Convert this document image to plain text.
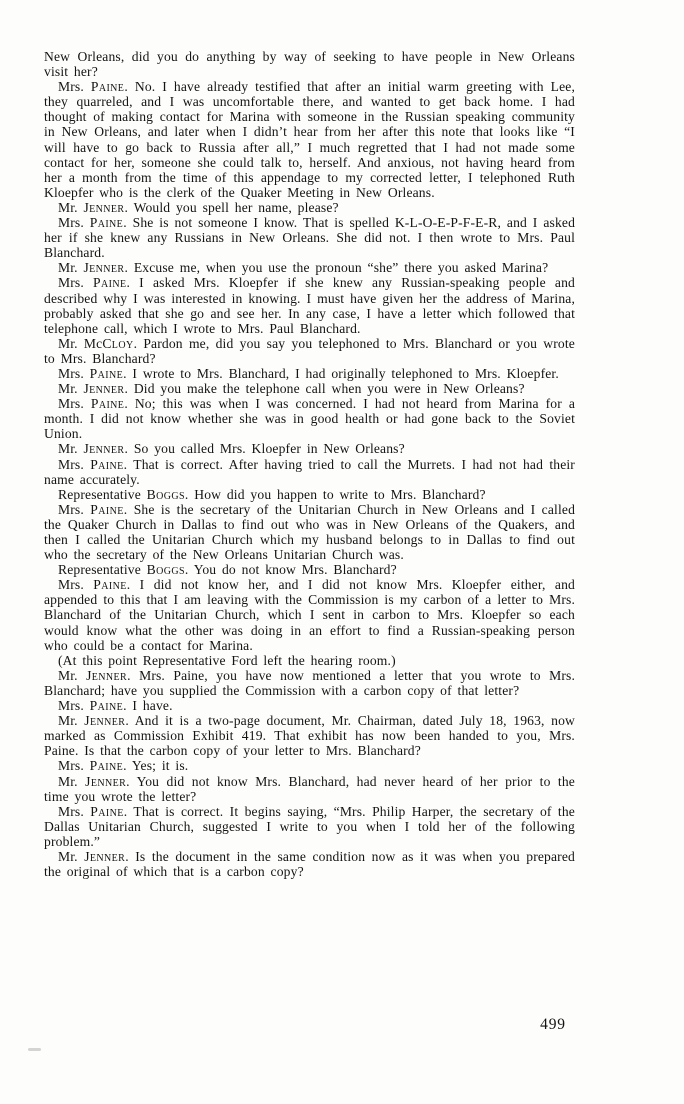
New Orleans, did you do anything by way of seeking to have people in New Orleans visit her?

Mrs. Paine. No. I have already testified that after an initial warm greeting with Lee, they quarreled, and I was uncomfortable there, and wanted to get back home. I had thought of making contact for Marina with someone in the Russian speaking community in New Orleans, and later when I didn’t hear from her after this note that looks like “I will have to go back to Russia after all,” I much regretted that I had not made some contact for her, someone she could talk to, herself. And anxious, not having heard from her a month from the time of this appendage to my corrected letter, I telephoned Ruth Kloepfer who is the clerk of the Quaker Meeting in New Orleans.

Mr. Jenner. Would you spell her name, please?

Mrs. Paine. She is not someone I know. That is spelled K-L-O-E-P-F-E-R, and I asked her if she knew any Russians in New Orleans. She did not. I then wrote to Mrs. Paul Blanchard.

Mr. Jenner. Excuse me, when you use the pronoun “she” there you asked Marina?

Mrs. Paine. I asked Mrs. Kloepfer if she knew any Russian-speaking people and described why I was interested in knowing. I must have given her the address of Marina, probably asked that she go and see her. In any case, I have a letter which followed that telephone call, which I wrote to Mrs. Paul Blanchard.

Mr. McCloy. Pardon me, did you say you telephoned to Mrs. Blanchard or you wrote to Mrs. Blanchard?

Mrs. Paine. I wrote to Mrs. Blanchard, I had originally telephoned to Mrs. Kloepfer.

Mr. Jenner. Did you make the telephone call when you were in New Orleans?

Mrs. Paine. No; this was when I was concerned. I had not heard from Marina for a month. I did not know whether she was in good health or had gone back to the Soviet Union.

Mr. Jenner. So you called Mrs. Kloepfer in New Orleans?

Mrs. Paine. That is correct. After having tried to call the Murrets. I had not had their name accurately.

Representative Boggs. How did you happen to write to Mrs. Blanchard?

Mrs. Paine. She is the secretary of the Unitarian Church in New Orleans and I called the Quaker Church in Dallas to find out who was in New Orleans of the Quakers, and then I called the Unitarian Church which my husband belongs to in Dallas to find out who the secretary of the New Orleans Unitarian Church was.

Representative Boggs. You do not know Mrs. Blanchard?

Mrs. Paine. I did not know her, and I did not know Mrs. Kloepfer either, and appended to this that I am leaving with the Commission is my carbon of a letter to Mrs. Blanchard of the Unitarian Church, which I sent in carbon to Mrs. Kloepfer so each would know what the other was doing in an effort to find a Russian-speaking person who could be a contact for Marina.

(At this point Representative Ford left the hearing room.)

Mr. Jenner. Mrs. Paine, you have now mentioned a letter that you wrote to Mrs. Blanchard; have you supplied the Commission with a carbon copy of that letter?

Mrs. Paine. I have.

Mr. Jenner. And it is a two-page document, Mr. Chairman, dated July 18, 1963, now marked as Commission Exhibit 419. That exhibit has now been handed to you, Mrs. Paine. Is that the carbon copy of your letter to Mrs. Blanchard?

Mrs. Paine. Yes; it is.

Mr. Jenner. You did not know Mrs. Blanchard, had never heard of her prior to the time you wrote the letter?

Mrs. Paine. That is correct. It begins saying, “Mrs. Philip Harper, the secretary of the Dallas Unitarian Church, suggested I write to you when I told her of the following problem.”

Mr. Jenner. Is the document in the same condition now as it was when you prepared the original of which that is a carbon copy?

499
